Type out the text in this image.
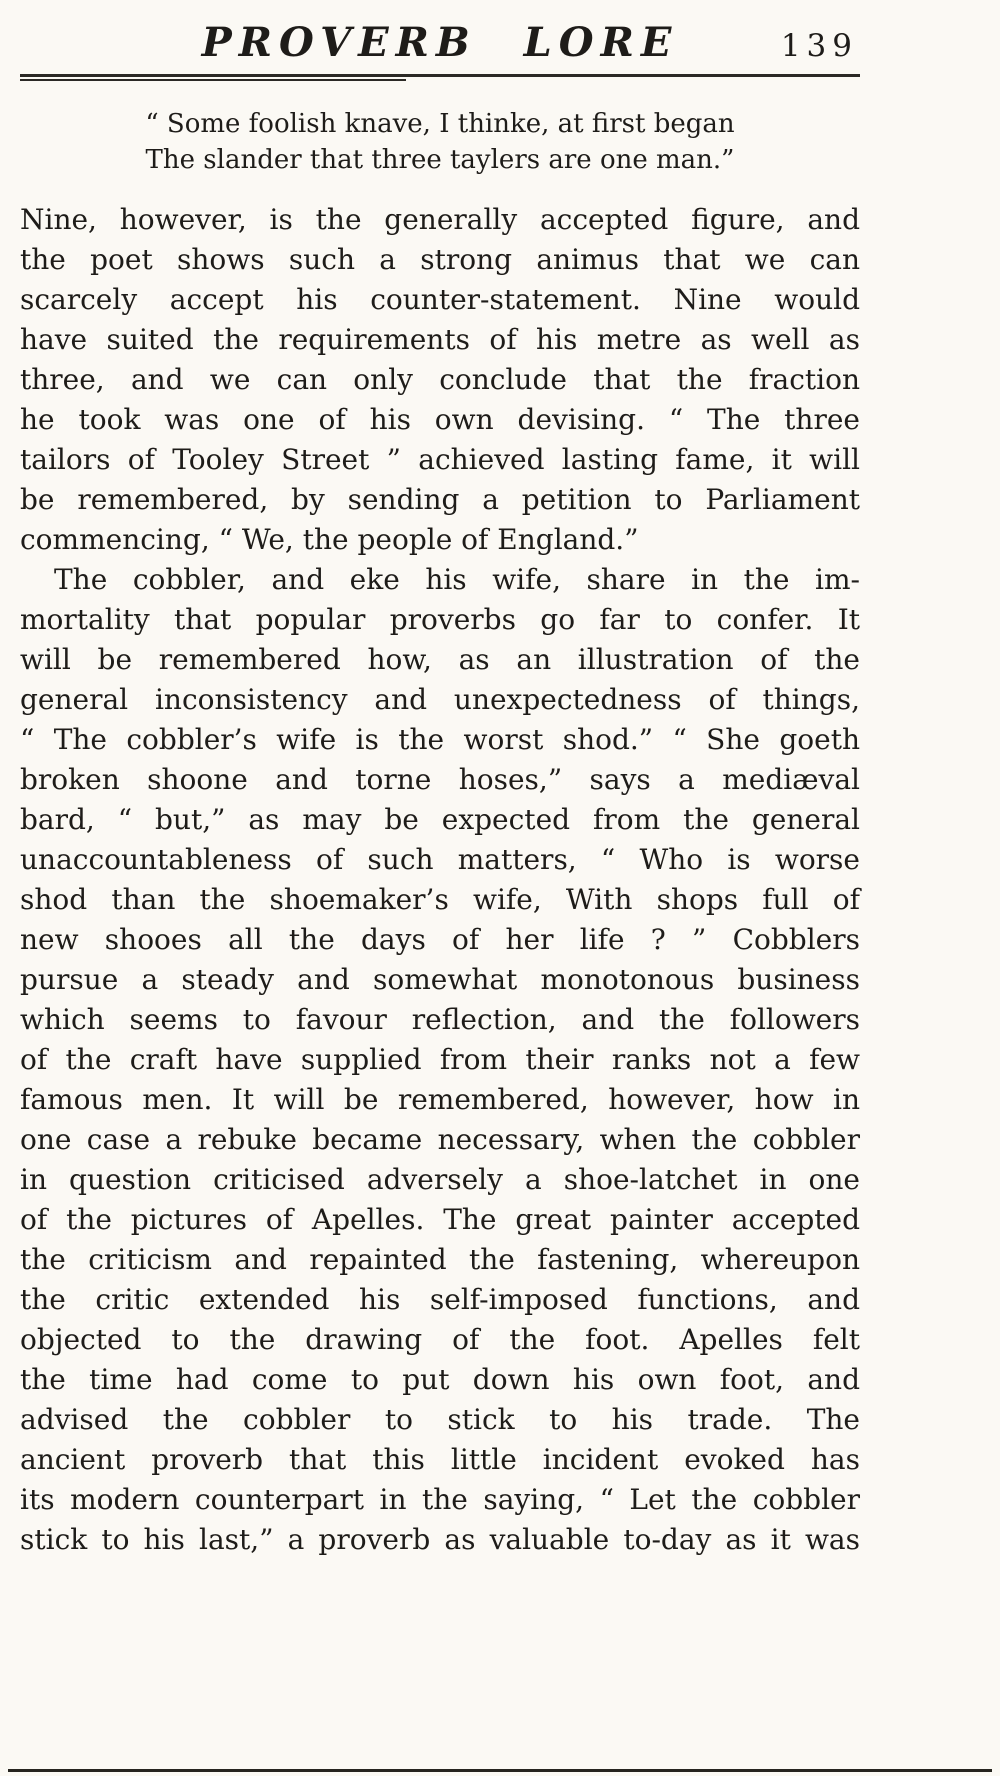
PROVERB LORE	139
“ Some foolish knave, I thinke, at first began
The slander that three taylers are one man.”
Nine, however, is the generally accepted figure, and
the poet shows such a strong animus that we can
scarcely accept his counter-statement. Nine would
have suited the requirements of his metre as well as
three, and we can only conclude that the fraction
he took was one of his own devising. “ The three
tailors of Tooley Street ” achieved lasting fame, it will
be remembered, by sending a petition to Parliament
commencing, “ We, the people of England.”
The cobbler, and eke his wife, share in the im-
mortality that popular proverbs go far to confer. It
will be remembered how, as an illustration of the
general inconsistency and unexpectedness of things,
“ The cobbler’s wife is the worst shod.” “ She goeth
broken shoone and torne hoses,” says a mediæval
bard, “ but,” as may be expected from the general
unaccountableness of such matters, “ Who is worse
shod than the shoemaker’s wife, With shops full of
new shooes all the days of her life ? ” Cobblers
pursue a steady and somewhat monotonous business
which seems to favour reflection, and the followers
of the craft have supplied from their ranks not a few
famous men. It will be remembered, however, how in
one case a rebuke became necessary, when the cobbler
in question criticised adversely a shoe-latchet in one
of the pictures of Apelles. The great painter accepted
the criticism and repainted the fastening, whereupon
the critic extended his self-imposed functions, and
objected to the drawing of the foot. Apelles felt
the time had come to put down his own foot, and
advised the cobbler to stick to his trade. The
ancient proverb that this little incident evoked has
its modern counterpart in the saying, “ Let the cobbler
stick to his last,” a proverb as valuable to-day as it was
